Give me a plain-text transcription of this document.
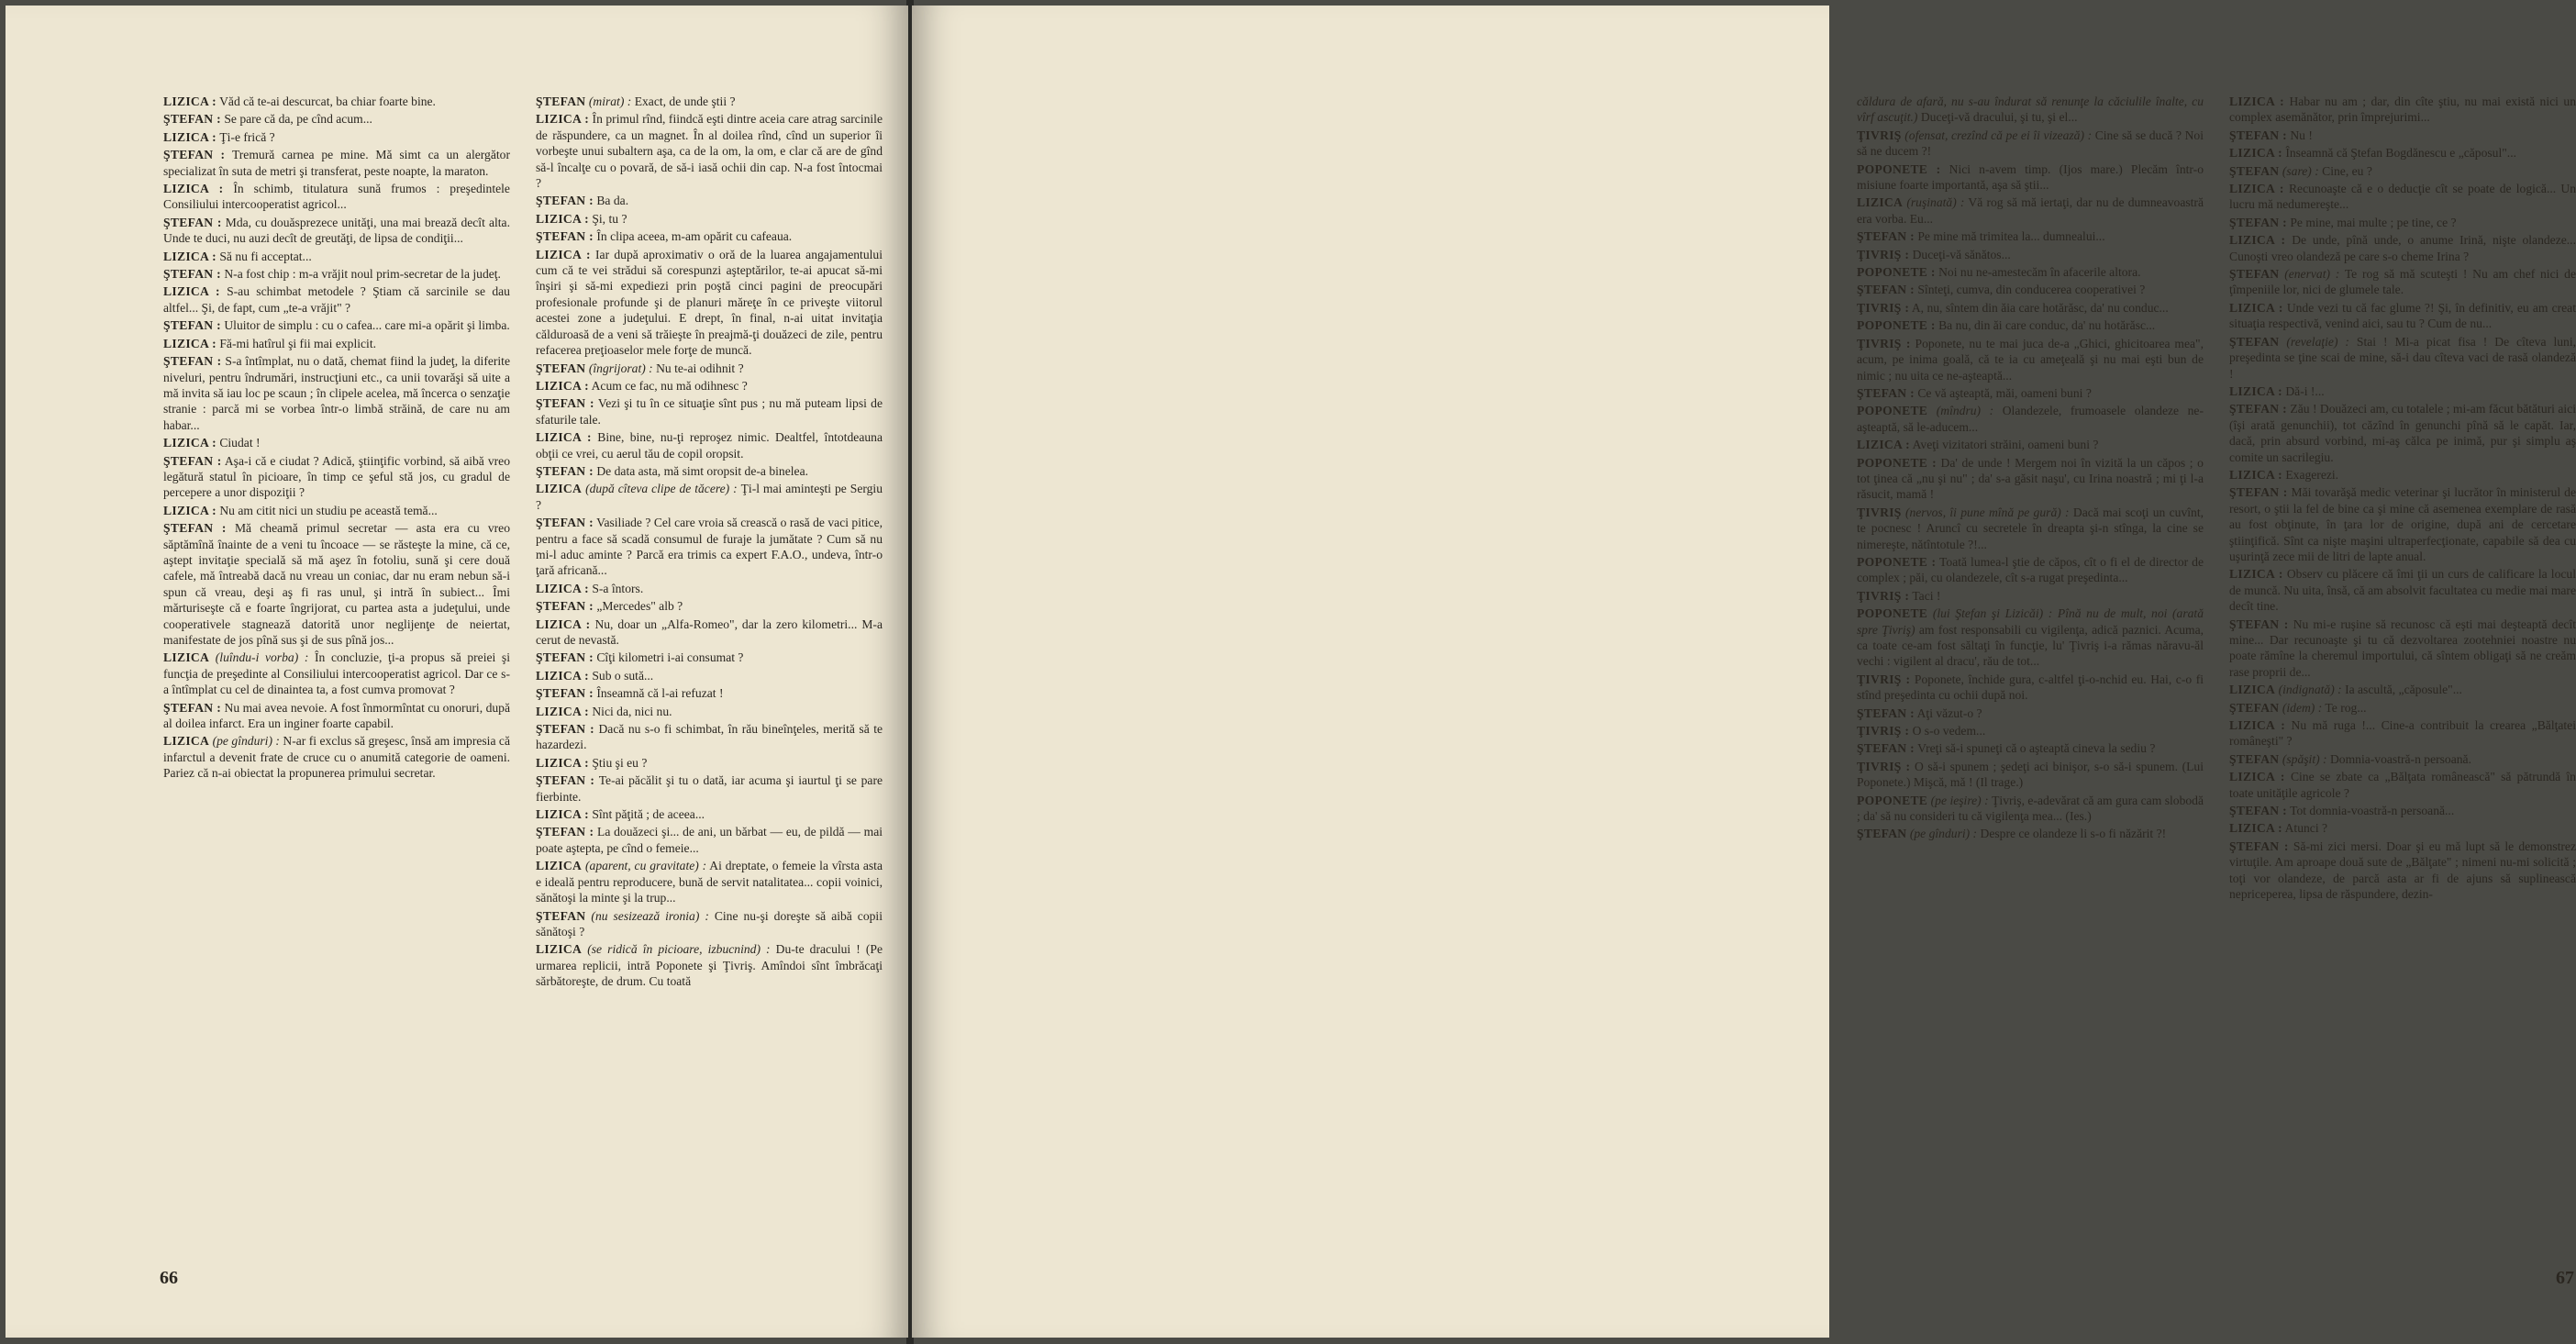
LIZICA : Văd că te-ai descurcat, ba chiar foarte bine.

ŞTEFAN : Se pare că da, pe cînd acum...

LIZICA : Ţi-e frică ?

ŞTEFAN : Tremură carnea pe mine. Mă simt ca un alergător specializat în suta de metri şi transferat, peste noapte, la maraton.

LIZICA : În schimb, titulatura sună frumos : preşedintele Consiliului intercooperatist agricol...

ŞTEFAN : Mda, cu douăsprezece unităţi, una mai brează decît alta. Unde te duci, nu auzi decît de greutăţi, de lipsa de condiţii...

LIZICA : Să nu fi acceptat...

ŞTEFAN : N-a fost chip : m-a vrăjit noul prim-secretar de la judeţ.

LIZICA : S-au schimbat metodele ? Ştiam că sarcinile se dau altfel... Şi, de fapt, cum „te-a vrăjit" ?

ŞTEFAN : Uluitor de simplu : cu o cafea... care mi-a opărit şi limba.

LIZICA : Fă-mi hatîrul şi fii mai explicit.

ŞTEFAN : S-a întîmplat, nu o dată, chemat fiind la judeţ, la diferite niveluri, pentru îndrumări, instrucţiuni etc., ca unii tovarăşi să uite a mă invita să iau loc pe scaun ; în clipele acelea, mă încerca o senzaţie stranie : parcă mi se vorbea într-o limbă străină, de care nu am habar...

LIZICA : Ciudat !

ŞTEFAN : Aşa-i că e ciudat ? Adică, ştiinţific vorbind, să aibă vreo legătură statul în picioare, în timp ce şeful stă jos, cu gradul de percepere a unor dispoziţii ?

LIZICA : Nu am citit nici un studiu pe această temă...

ŞTEFAN : Mă cheamă primul secretar — asta era cu vreo săptămînă înainte de a veni tu încoace — se răsteşte la mine, că ce, aştept invitaţie specială să mă aşez în fotoliu, sună şi cere două cafele, mă întreabă dacă nu vreau un coniac, dar nu eram nebun să-i spun că vreau, deşi aş fi ras unul, şi intră în subiect... Îmi mărturiseşte că e foarte îngrijorat, cu partea asta a judeţului, unde cooperativele stagnează datorită unor neglijenţe de neiertat, manifestate de jos pînă sus şi de sus pînă jos...

LIZICA (luîndu-i vorba) : În concluzie, ţi-a propus să preiei şi funcţia de preşedinte al Consiliului intercooperatist agricol. Dar ce s-a întîmplat cu cel de dinaintea ta, a fost cumva promovat ?

ŞTEFAN : Nu mai avea nevoie. A fost înmormîntat cu onoruri, după al doilea infarct. Era un inginer foarte capabil.

LIZICA (pe gînduri) : N-ar fi exclus să greşesc, însă am impresia că infarctul a devenit frate de cruce cu o anumită categorie de oameni. Pariez că n-ai obiectat la propunerea primului secretar.

ŞTEFAN (mirat) : Exact, de unde ştii ?

LIZICA : În primul rînd, fiindcă eşti dintre aceia care atrag sarcinile de răspundere, ca un magnet. În al doilea rînd, cînd un superior îi vorbeşte unui subaltern aşa, ca de la om, la om, e clar că are de gînd să-l încalţe cu o povară, de să-i iasă ochii din cap. N-a fost întocmai ?

ŞTEFAN : Ba da.

LIZICA : Şi, tu ?

ŞTEFAN : În clipa aceea, m-am opărit cu cafeaua.

LIZICA : Iar după aproximativ o oră de la luarea angajamentului cum că te vei strădui să corespunzi aşteptărilor, te-ai apucat să-mi înşiri şi să-mi expediezi prin poştă cinci pagini de preocupări profesionale profunde şi de planuri măreţe în ce priveşte viitorul acestei zone a judeţului. E drept, în final, n-ai uitat invitaţia călduroasă de a veni să trăieşte în preajmă-ţi douăzeci de zile, pentru refacerea preţioaselor mele forţe de muncă.

ŞTEFAN (îngrijorat) : Nu te-ai odihnit ?

LIZICA : Acum ce fac, nu mă odihnesc ?

ŞTEFAN : Vezi şi tu în ce situaţie sînt pus ; nu mă puteam lipsi de sfaturile tale.

LIZICA : Bine, bine, nu-ţi reproşez nimic. Dealtfel, întotdeauna obţii ce vrei, cu aerul tău de copil oropsit.

ŞTEFAN : De data asta, mă simt oropsit de-a binelea.

LIZICA (după cîteva clipe de tăcere) : Ţi-l mai aminteşti pe Sergiu ?

ŞTEFAN : Vasiliade ? Cel care vroia să crească o rasă de vaci pitice, pentru a face să scadă consumul de furaje la jumătate ? Cum să nu mi-l aduc aminte ? Parcă era trimis ca expert F.A.O., undeva, într-o ţară africană...

LIZICA : S-a întors.

ŞTEFAN : „Mercedes" alb ?

LIZICA : Nu, doar un „Alfa-Romeo", dar la zero kilometri... M-a cerut de nevastă.

ŞTEFAN : Cîţi kilometri i-ai consumat ?

LIZICA : Sub o sută...

ŞTEFAN : Înseamnă că l-ai refuzat !

LIZICA : Nici da, nici nu.

ŞTEFAN : Dacă nu s-o fi schimbat, în rău bineînţeles, merită să te hazardezi.

LIZICA : Ştiu şi eu ?

ŞTEFAN : Te-ai păcălit şi tu o dată, iar acuma şi iaurtul ţi se pare fierbinte.

LIZICA : Sînt păţită ; de aceea...

ŞTEFAN : La douăzeci şi... de ani, un bărbat — eu, de pildă — mai poate aştepta, pe cînd o femeie...

LIZICA (aparent, cu gravitate) : Ai dreptate, o femeie la vîrsta asta e ideală pentru reproducere, bună de servit natalitatea... copii voinici, sănătoşi la minte şi la trup...

ŞTEFAN (nu sesizează ironia) : Cine nu-şi doreşte să aibă copii sănătoşi ?

LIZICA (se ridică în picioare, izbucnind) : Du-te dracului ! (Pe urmarea replicii, intră Poponete şi Ţivriş. Amîndoi sînt îmbrăcaţi sărbătoreşte, de drum. Cu toată

66

căldura de afară, nu s-au îndurat să renunţe la căciulile înalte, cu vîrf ascuţit.) Duceţi-vă dracului, şi tu, şi el...

ŢIVRIŞ (ofensat, crezînd că pe ei îi vizează) : Cine să se ducă ? Noi să ne ducem ?!

POPONETE : Nici n-avem timp. (Ijos mare.) Plecăm într-o misiune foarte importantă, aşa să ştii...

LIZICA (ruşinată) : Vă rog să mă iertaţi, dar nu de dumneavoastră era vorba. Eu...

ŞTEFAN : Pe mine mă trimitea la... dumnealui...

ŢIVRIŞ : Duceţi-vă sănătos...

POPONETE : Noi nu ne-amestecăm în afacerile altora.

ŞTEFAN : Sînteţi, cumva, din conducerea cooperativei ?

ŢIVRIŞ : A, nu, sîntem din ăia care hotărăsc, da' nu conduc...

POPONETE : Ba nu, din ăi care conduc, da' nu hotărăsc...

ŢIVRIŞ : Poponete, nu te mai juca de-a „Ghici, ghicitoarea mea", acum, pe inima goală, că te ia cu ameţeală şi nu mai eşti bun de nimic ; nu uita ce ne-aşteaptă...

ŞTEFAN : Ce vă aşteaptă, măi, oameni buni ?

POPONETE (mîndru) : Olandezele, frumoasele olandeze ne-aşteaptă, să le-aducem...

LIZICA : Aveţi vizitatori străini, oameni buni ?

POPONETE : Da' de unde ! Mergem noi în vizită la un căpos ; o tot ţinea că „nu şi nu" ; da' s-a găsit naşu', cu Irina noastră ; mi ţi l-a răsucit, mamă !

ŢIVRIŞ (nervos, îi pune mînă pe gură) : Dacă mai scoţi un cuvînt, te pocnesc ! Aruncî cu secretele în dreapta şi-n stînga, la cine se nimereşte, nătîntotule ?!...

POPONETE : Toată lumea-l ştie de căpos, cît o fi el de director de complex ; păi, cu olandezele, cît s-a rugat preşedinta...

ŢIVRIŞ : Taci !

POPONETE (lui Ştefan şi Lizicăi) : Pînă nu de mult, noi (arată spre Ţivriş) am fost responsabili cu vigilenţa, adică paznici. Acuma, ca toate ce-am fost săltaţi în funcţie, lu' Ţivriş i-a rămas năravu-ăl vechi : vigilent al dracu', rău de tot...

ŢIVRIŞ : Poponete, închide gura, c-altfel ţi-o-nchid eu. Hai, c-o fi stînd preşedinta cu ochii după noi.

ŞTEFAN : Aţi văzut-o ?

ŢIVRIŞ : O s-o vedem...

ŞTEFAN : Vreţi să-i spuneţi că o aşteaptă cineva la sediu ?

ŢIVRIŞ : O să-i spunem ; şedeţi aci binişor, s-o să-i spunem. (Lui Poponete.) Mişcă, mă ! (Il trage.)

POPONETE (pe ieşire) : Ţivriş, e-adevărat că am gura cam slobodă ; da' să nu consideri tu că vigilenţa mea... (Ies.)

ŞTEFAN (pe gînduri) : Despre ce olandeze li s-o fi năzărit ?!

LIZICA : Habar nu am ; dar, din cîte ştiu, nu mai există nici un complex asemănător, prin împrejurimi...

ŞTEFAN : Nu !

LIZICA : Înseamnă că Ştefan Bogdănescu e „căposul"...

ŞTEFAN (sare) : Cine, eu ?

LIZICA : Recunoaşte că e o deducţie cît se poate de logică... Un lucru mă nedumereşte...

ŞTEFAN : Pe mine, mai multe ; pe tine, ce ?

LIZICA : De unde, pînă unde, o anume Irină, nişte olandeze... Cunoşti vreo olandeză pe care s-o cheme Irina ?

ŞTEFAN (enervat) : Te rog să mă scuteşti ! Nu am chef nici de ţîmpeniile lor, nici de glumele tale.

LIZICA : Unde vezi tu că fac glume ?! Şi, în definitiv, eu am creat situaţia respectivă, venind aici, sau tu ? Cum de nu...

ŞTEFAN (revelaţie) : Stai ! Mi-a picat fisa ! De cîteva luni, preşedinta se ţine scai de mine, să-i dau cîteva vaci de rasă olandeză !

LIZICA : Dă-i !...

ŞTEFAN : Zău ! Douăzeci am, cu totalele ; mi-am făcut bătături aici (îşi arată genunchii), tot căzînd în genunchi pînă să le capăt. Iar, dacă, prin absurd vorbind, mi-aş călca pe inimă, pur şi simplu aş comite un sacrilegiu.

LIZICA : Exagerezi.

ŞTEFAN : Măi tovarăşă medic veterinar şi lucrător în ministerul de resort, o ştii la fel de bine ca şi mine că asemenea exemplare de rasă au fost obţinute, în ţara lor de origine, după ani de cercetare ştiinţifică. Sînt ca nişte maşini ultraperfecţionate, capabile să dea cu uşurinţă zece mii de litri de lapte anual.

LIZICA : Observ cu plăcere că îmi ţii un curs de calificare la locul de muncă. Nu uita, însă, că am absolvit facultatea cu medie mai mare decît tine.

ŞTEFAN : Nu mi-e ruşine să recunosc că eşti mai deşteaptă decît mine... Dar recunoaşte şi tu că dezvoltarea zootehniei noastre nu poate rămîne la cheremul importului, că sîntem obligaţi să ne creăm rase proprii de...

LIZICA (indignată) : Ia ascultă, „căposule"...

ŞTEFAN (idem) : Te rog...

LIZICA : Nu mă ruga !... Cine-a contribuit la crearea „Bălţatei româneşti" ?

ŞTEFAN (spăşit) : Domnia-voastră-n persoană.

LIZICA : Cine se zbate ca „Bălţata românească" să pătrundă în toate unităţile agricole ?

ŞTEFAN : Tot domnia-voastră-n persoană...

LIZICA : Atunci ?

ŞTEFAN : Să-mi zici mersi. Doar şi eu mă lupt să le demonstrez virtuţile. Am aproape două sute de „Bălţate" ; nimeni nu-mi solicită ; toţi vor olandeze, de parcă asta ar fi de ajuns să suplinească nepriceperea, lipsa de răspundere, dezin-

67
